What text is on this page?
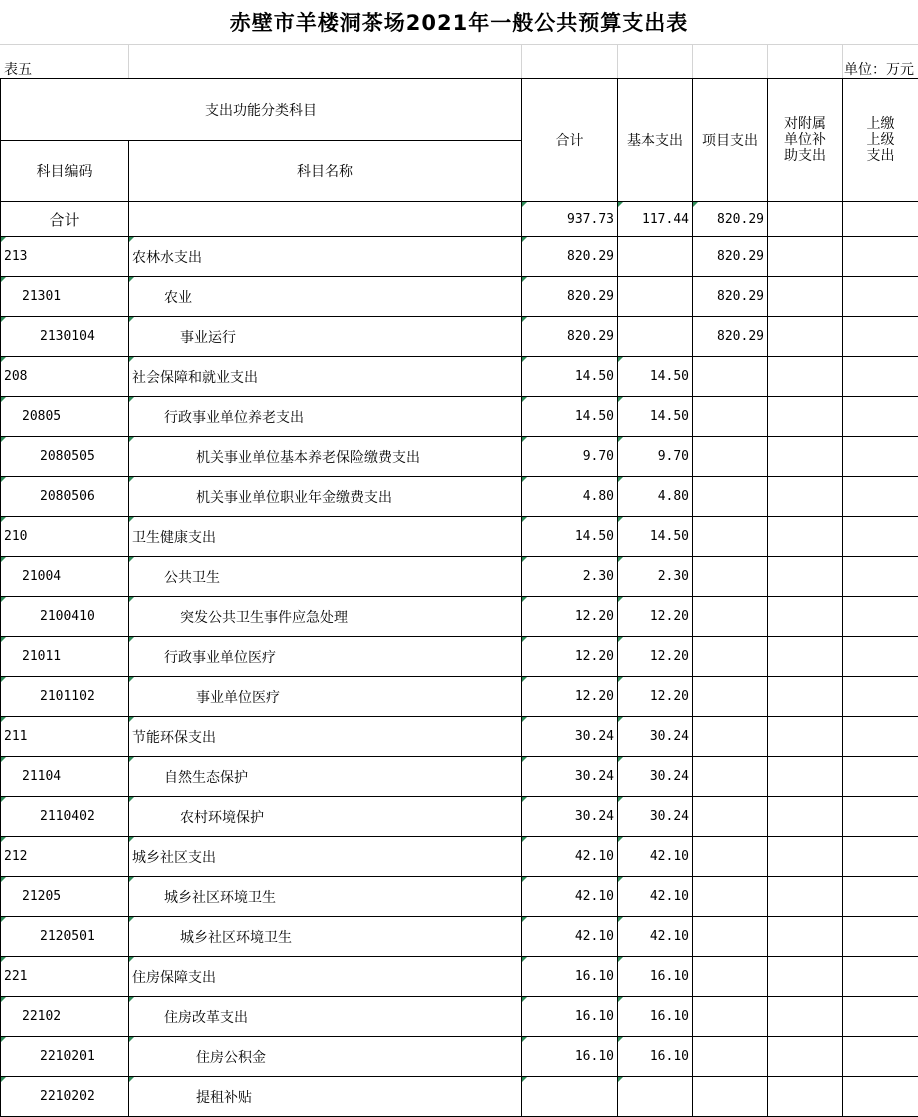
赤壁市羊楼洞茶场2021年一般公共预算支出表
表五	单位：万元
支出功能分类科目		合计	基本支出	项目支出	对附属单位补助支出	上缴上级支出

科目编码	科目名称					
合计		937.73	117.44	820.29		
213	农林水支出	820.29		820.29		
21301	农业	820.29		820.29		
2130104	事业运行	820.29		820.29		
208	社会保障和就业支出	14.50	14.50			
20805	行政事业单位养老支出	14.50	14.50			
2080505	机关事业单位基本养老保险缴费支出	9.70	9.70			
2080506	机关事业单位职业年金缴费支出	4.80	4.80			
210	卫生健康支出	14.50	14.50			
21004	公共卫生	2.30	2.30			
2100410	突发公共卫生事件应急处理	12.20	12.20			
21011	行政事业单位医疗	12.20	12.20			
2101102	事业单位医疗	12.20	12.20			
211	节能环保支出	30.24	30.24			
21104	自然生态保护	30.24	30.24			
2110402	农村环境保护	30.24	30.24			
212	城乡社区支出	42.10	42.10			
21205	城乡社区环境卫生	42.10	42.10			
2120501	城乡社区环境卫生	42.10	42.10			
221	住房保障支出	16.10	16.10			
22102	住房改革支出	16.10	16.10			
2210201	住房公积金	16.10	16.10			
2210202	提租补贴					
